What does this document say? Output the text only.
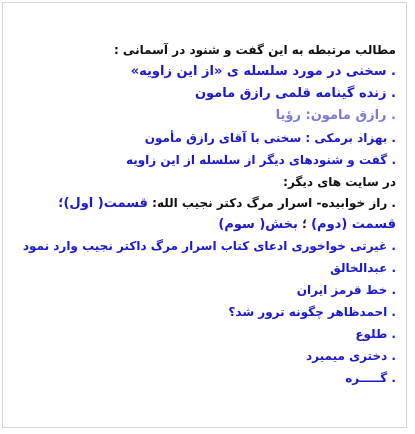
مطالب مرتبطه به این گفت و شنود در آسمانی :
. سخنی در مورد سلسله ی «از این زاویه»
. زنده گینامه قلمی رازق مامون
. رازق مامون: رؤیا
. بهزاد برمکی : سخنی با آقای رازق مأمون
. گفت و شنودهای دیگر از سلسله از این زاویه
در سایت های دیگر:
. راز خوابیده- اسرار مرگ دکتر نجیب الله: قسمت( اول)؛ قسمت (دوم) ؛ بخش( سوم)
. غیرتی خواخوری ادعای کتاب اسرار مرگ داکتر نجیب وارد نمود
. عبدالخالق
. خط قرمز ایران
. احمدظاهر چگونه ترور شد؟
. طلوع
. دختری میمیرد
. گـــــره
